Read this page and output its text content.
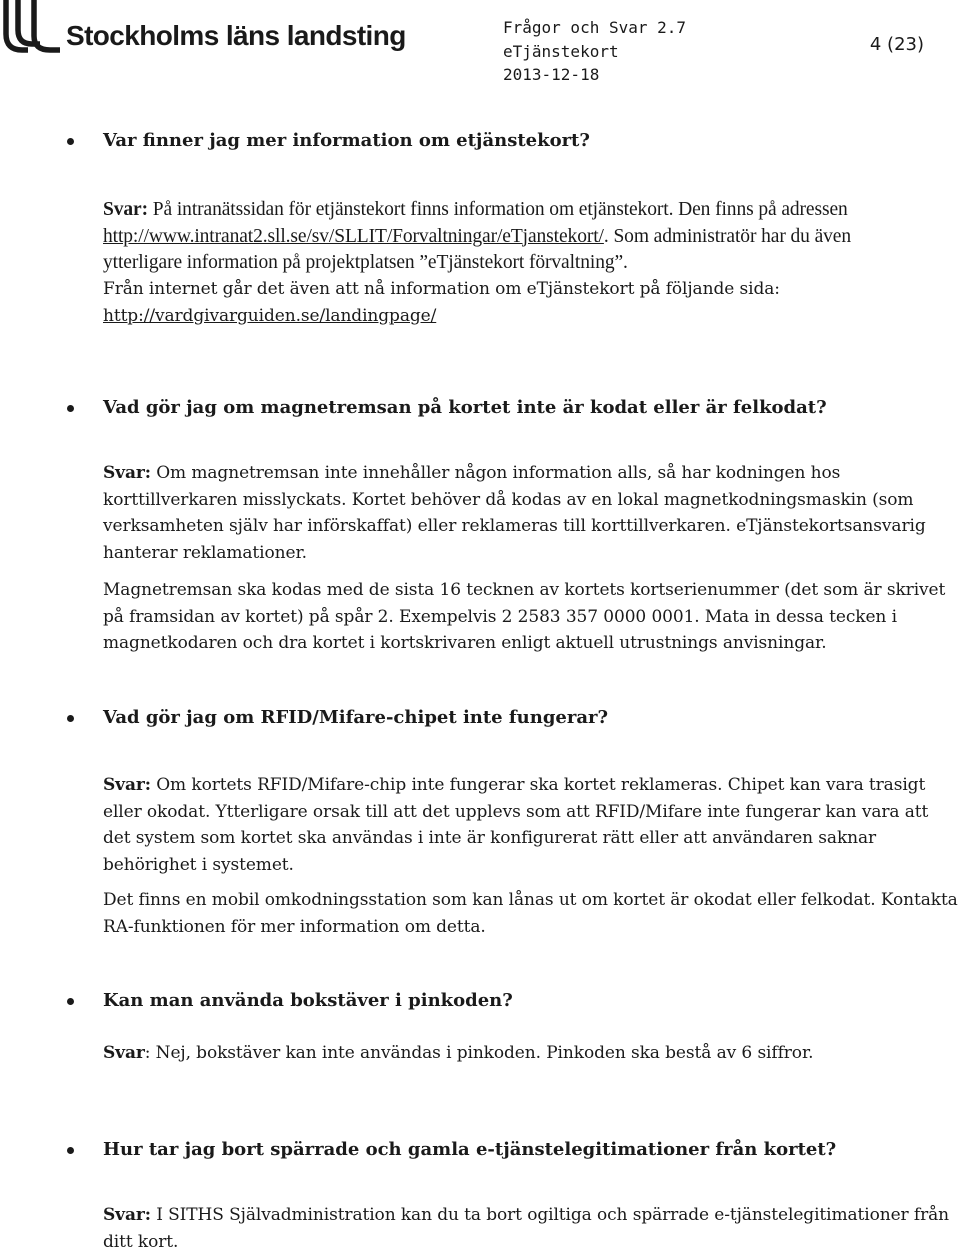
Stockholms läns landsting	Frågor och Svar 2.7
eTjänstekort
2013-12-18
4 (23)
Var finner jag mer information om etjänstekort?

Svar: På intranätssidan för etjänstekort finns information om etjänstekort. Den finns på adressen http://www.intranat2.sll.se/sv/SLLIT/Forvaltningar/eTjanstekort/. Som administratör har du även ytterligare information på projektplatsen ”eTjänstekort förvaltning”.

Från internet går det även att nå information om eTjänstekort på följande sida:
http://vardgivarguiden.se/landingpage/

Vad gör jag om magnetremsan på kortet inte är kodat eller är felkodat?

Svar: Om magnetremsan inte innehåller någon information alls, så har kodningen hos korttillverkaren misslyckats. Kortet behöver då kodas av en lokal magnetkodningsmaskin (som verksamheten själv har införskaffat) eller reklameras till korttillverkaren. eTjänstekortsansvarig hanterar reklamationer.

Magnetremsan ska kodas med de sista 16 tecknen av kortets kortserienummer (det som är skrivet på framsidan av kortet) på spår 2. Exempelvis 2 2583 357 0000 0001. Mata in dessa tecken i magnetkodaren och dra kortet i kortskrivaren enligt aktuell utrustnings anvisningar.

Vad gör jag om RFID/Mifare-chipet inte fungerar?

Svar: Om kortets RFID/Mifare-chip inte fungerar ska kortet reklameras. Chipet kan vara trasigt eller okodat. Ytterligare orsak till att det upplevs som att RFID/Mifare inte fungerar kan vara att det system som kortet ska användas i inte är konfigurerat rätt eller att användaren saknar behörighet i systemet.

Det finns en mobil omkodningsstation som kan lånas ut om kortet är okodat eller felkodat. Kontakta RA-funktionen för mer information om detta.

Kan man använda bokstäver i pinkoden?

Svar: Nej, bokstäver kan inte användas i pinkoden. Pinkoden ska bestå av 6 siffror.

Hur tar jag bort spärrade och gamla e-tjänstelegitimationer från kortet?

Svar: I SITHS Självadministration kan du ta bort ogiltiga och spärrade e-tjänstelegitimationer från ditt kort.
